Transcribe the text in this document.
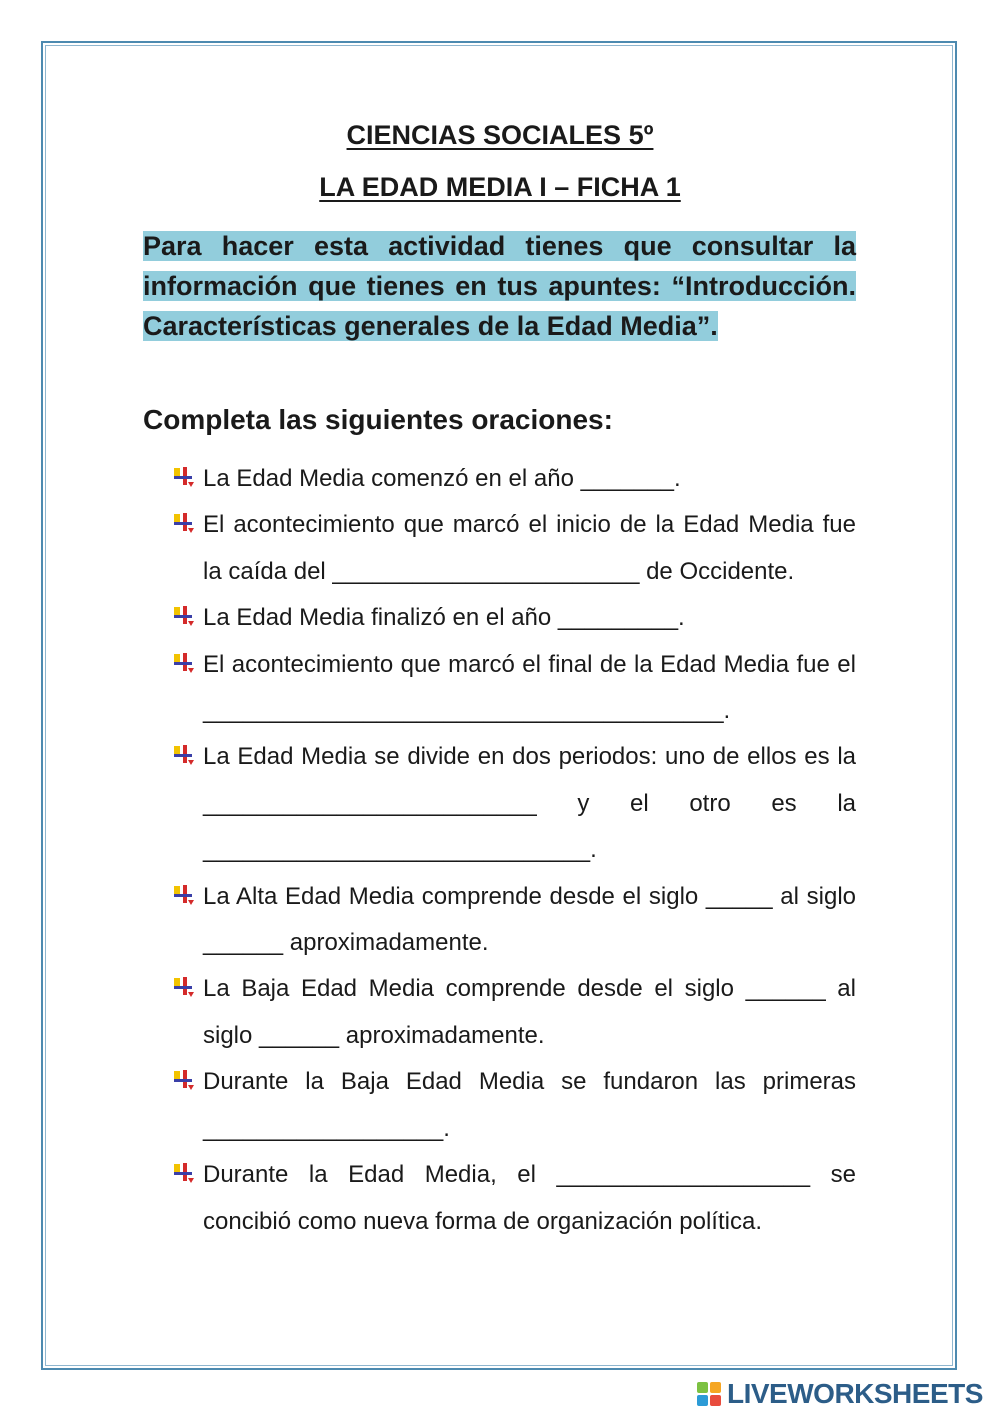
CIENCIAS SOCIALES 5º
LA EDAD MEDIA I – FICHA 1
Para hacer esta actividad tienes que consultar la información que tienes en tus apuntes: “Introducción. Características generales de la Edad Media”.
Completa las siguientes oraciones:
La Edad Media comenzó en el año _______.
El acontecimiento que marcó el inicio de la Edad Media fue la caída del _______________________ de Occidente.
La Edad Media finalizó en el año _________.
El acontecimiento que marcó el final de la Edad Media fue el _______________________________________.
La Edad Media se divide en dos periodos: uno de ellos es la _________________________ y el otro es la _____________________________.
La Alta Edad Media comprende desde el siglo _____ al siglo ______ aproximadamente.
La Baja Edad Media comprende desde el siglo ______ al siglo ______ aproximadamente.
Durante la Baja Edad Media se fundaron las primeras __________________.
Durante la Edad Media, el ___________________ se concibió como nueva forma de organización política.
LIVEWORKSHEETS
